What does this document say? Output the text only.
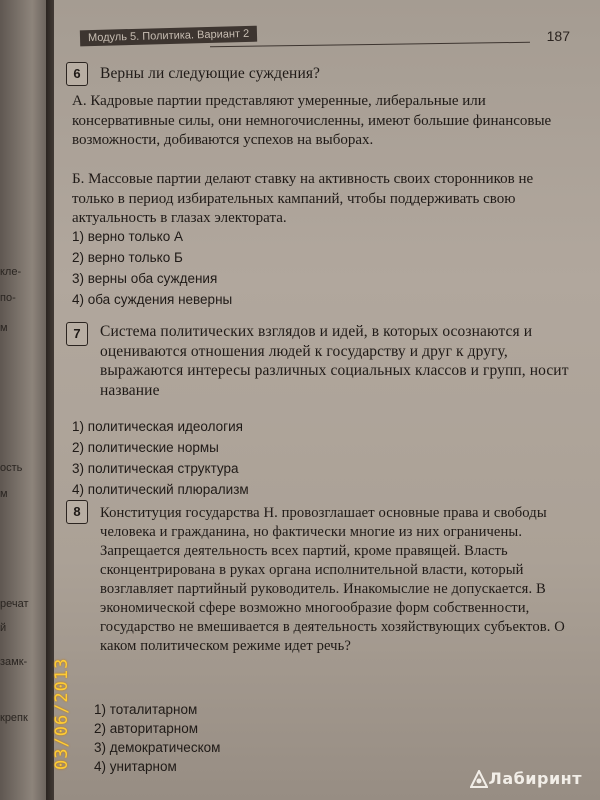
кле-
по-
м
ость
м
речат
й
замк-
крепк
Модуль 5. Политика. Вариант 2	187
6	Верны ли следующие суждения?
А. Кадровые партии представляют умеренные, либеральные или консервативные силы, они немногочисленны, имеют большие финансовые возможности, добиваются успехов на выборах.
Б. Массовые партии делают ставку на активность своих сторонников не только в период избирательных кампаний, чтобы поддерживать свою актуальность в глазах электората.
1) верно только А
2) верно только Б
3) верны оба суждения
4) оба суждения неверны
7	Система политических взглядов и идей, в которых осознаются и оцениваются отношения людей к государству и друг к другу, выражаются интересы различных социальных классов и групп, носит название
1) политическая идеология
2) политические нормы
3) политическая структура
4) политический плюрализм
8	Конституция государства Н. провозглашает основные права и свободы человека и гражданина, но фактически многие из них ограничены. Запрещается деятельность всех партий, кроме правящей. Власть сконцентрирована в руках органа исполнительной власти, который возглавляет партийный руководитель. Инакомыслие не допускается. В экономической сфере возможно многообразие форм собственности, государство не вмешивается в деятельность хозяйствующих субъектов. О каком политическом режиме идет речь?
1) тоталитарном
2) авторитарном
3) демократическом
4) унитарном
Лабиринт
03/06/2013
